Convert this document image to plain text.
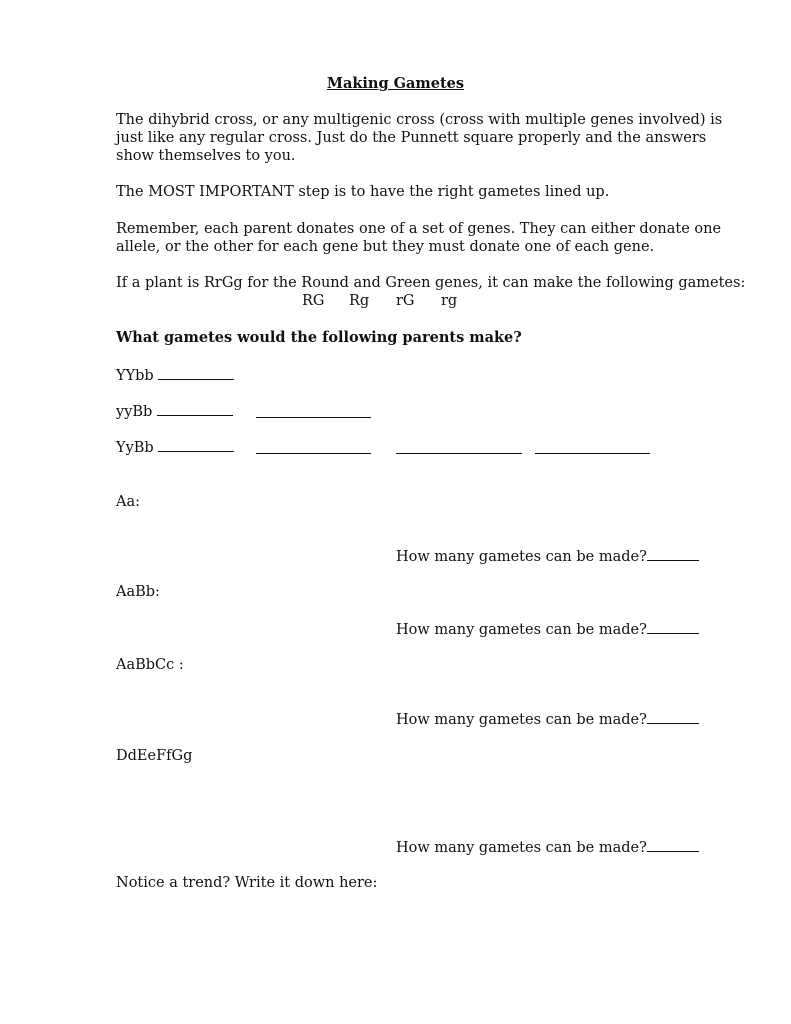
Making Gametes
The dihybrid cross, or any multigenic cross (cross with multiple genes involved) is
just like any regular cross. Just do the Punnett square properly and the answers
show themselves to you.
The MOST IMPORTANT step is to have the right gametes lined up.
Remember, each parent donates one of a set of genes. They can either donate one
allele, or the other for each gene but they must donate one of each gene.
If a plant is RrGg for the Round and Green genes, it can make the following gametes:
RG Rg rG rg
What gametes would the following parents make?
YYbb
yyBb
YyBb
Aa:
How many gametes can be made?
AaBb:
How many gametes can be made?
AaBbCc :
How many gametes can be made?
DdEeFfGg
How many gametes can be made?
Notice a trend? Write it down here:
